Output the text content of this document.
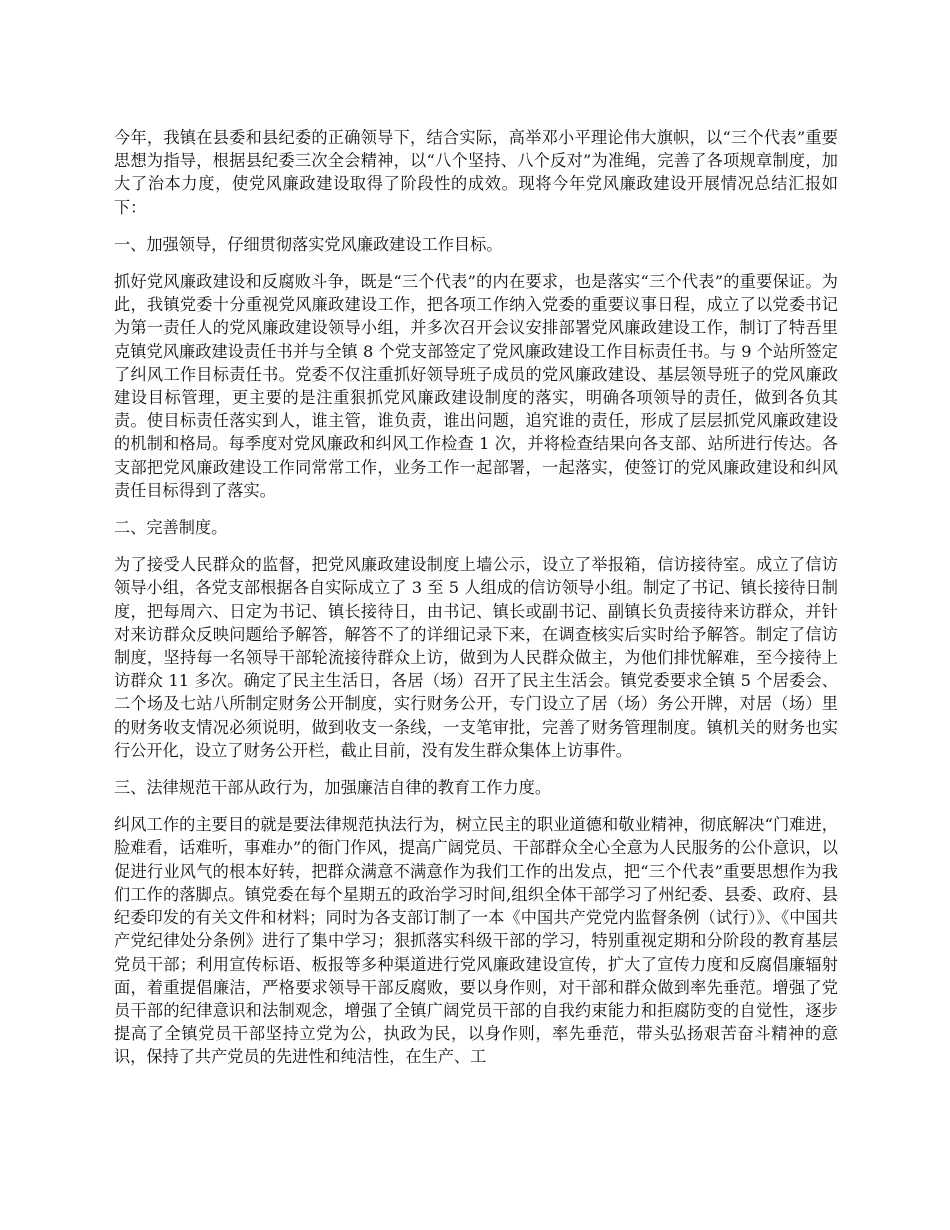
今年，我镇在县委和县纪委的正确领导下，结合实际，高举邓小平理论伟大旗帜，以“三个代表”重要思想为指导，根据县纪委三次全会精神，以“八个坚持、八个反对”为准绳，完善了各项规章制度，加大了治本力度，使党风廉政建设取得了阶段性的成效。现将今年党风廉政建设开展情况总结汇报如下：

一、加强领导，仔细贯彻落实党风廉政建设工作目标。

抓好党风廉政建设和反腐败斗争，既是“三个代表”的内在要求，也是落实“三个代表”的重要保证。为此，我镇党委十分重视党风廉政建设工作，把各项工作纳入党委的重要议事日程，成立了以党委书记为第一责任人的党风廉政建设领导小组，并多次召开会议安排部署党风廉政建设工作，制订了特吾里克镇党风廉政建设责任书并与全镇 8 个党支部签定了党风廉政建设工作目标责任书。与 9 个站所签定了纠风工作目标责任书。党委不仅注重抓好领导班子成员的党风廉政建设、基层领导班子的党风廉政建设目标管理，更主要的是注重狠抓党风廉政建设制度的落实，明确各项领导的责任，做到各负其责。使目标责任落实到人，谁主管，谁负责，谁出问题，追究谁的责任，形成了层层抓党风廉政建设的机制和格局。每季度对党风廉政和纠风工作检查 1 次，并将检查结果向各支部、站所进行传达。各支部把党风廉政建设工作同常常工作，业务工作一起部署，一起落实，使签订的党风廉政建设和纠风责任目标得到了落实。

二、完善制度。

为了接受人民群众的监督，把党风廉政建设制度上墙公示，设立了举报箱，信访接待室。成立了信访领导小组，各党支部根据各自实际成立了 3 至 5 人组成的信访领导小组。制定了书记、镇长接待日制度，把每周六、日定为书记、镇长接待日，由书记、镇长或副书记、副镇长负责接待来访群众，并针对来访群众反映问题给予解答，解答不了的详细记录下来，在调查核实后实时给予解答。制定了信访制度，坚持每一名领导干部轮流接待群众上访，做到为人民群众做主，为他们排忧解难，至今接待上访群众 11 多次。确定了民主生活日，各居（场）召开了民主生活会。镇党委要求全镇 5 个居委会、二个场及七站八所制定财务公开制度，实行财务公开，专门设立了居（场）务公开牌，对居（场）里的财务收支情况必须说明，做到收支一条线，一支笔审批，完善了财务管理制度。镇机关的财务也实行公开化，设立了财务公开栏，截止目前，没有发生群众集体上访事件。

三、法律规范干部从政行为，加强廉洁自律的教育工作力度。

纠风工作的主要目的就是要法律规范执法行为，树立民主的职业道德和敬业精神，彻底解决“门难进，脸难看，话难听，事难办”的衙门作风，提高广阔党员、干部群众全心全意为人民服务的公仆意识，以促进行业风气的根本好转，把群众满意不满意作为我们工作的出发点，把“三个代表”重要思想作为我们工作的落脚点。镇党委在每个星期五的政治学习时间,组织全体干部学习了州纪委、县委、政府、县纪委印发的有关文件和材料；同时为各支部订制了一本《中国共产党党内监督条例（试行）》、《中国共产党纪律处分条例》进行了集中学习；狠抓落实科级干部的学习，特别重视定期和分阶段的教育基层党员干部；利用宣传标语、板报等多种渠道进行党风廉政建设宣传，扩大了宣传力度和反腐倡廉辐射面，着重提倡廉洁，严格要求领导干部反腐败，要以身作则，对干部和群众做到率先垂范。增强了党员干部的纪律意识和法制观念，增强了全镇广阔党员干部的自我约束能力和拒腐防变的自觉性，逐步提高了全镇党员干部坚持立党为公，执政为民，以身作则，率先垂范，带头弘扬艰苦奋斗精神的意识，保持了共产党员的先进性和纯洁性，在生产、工
